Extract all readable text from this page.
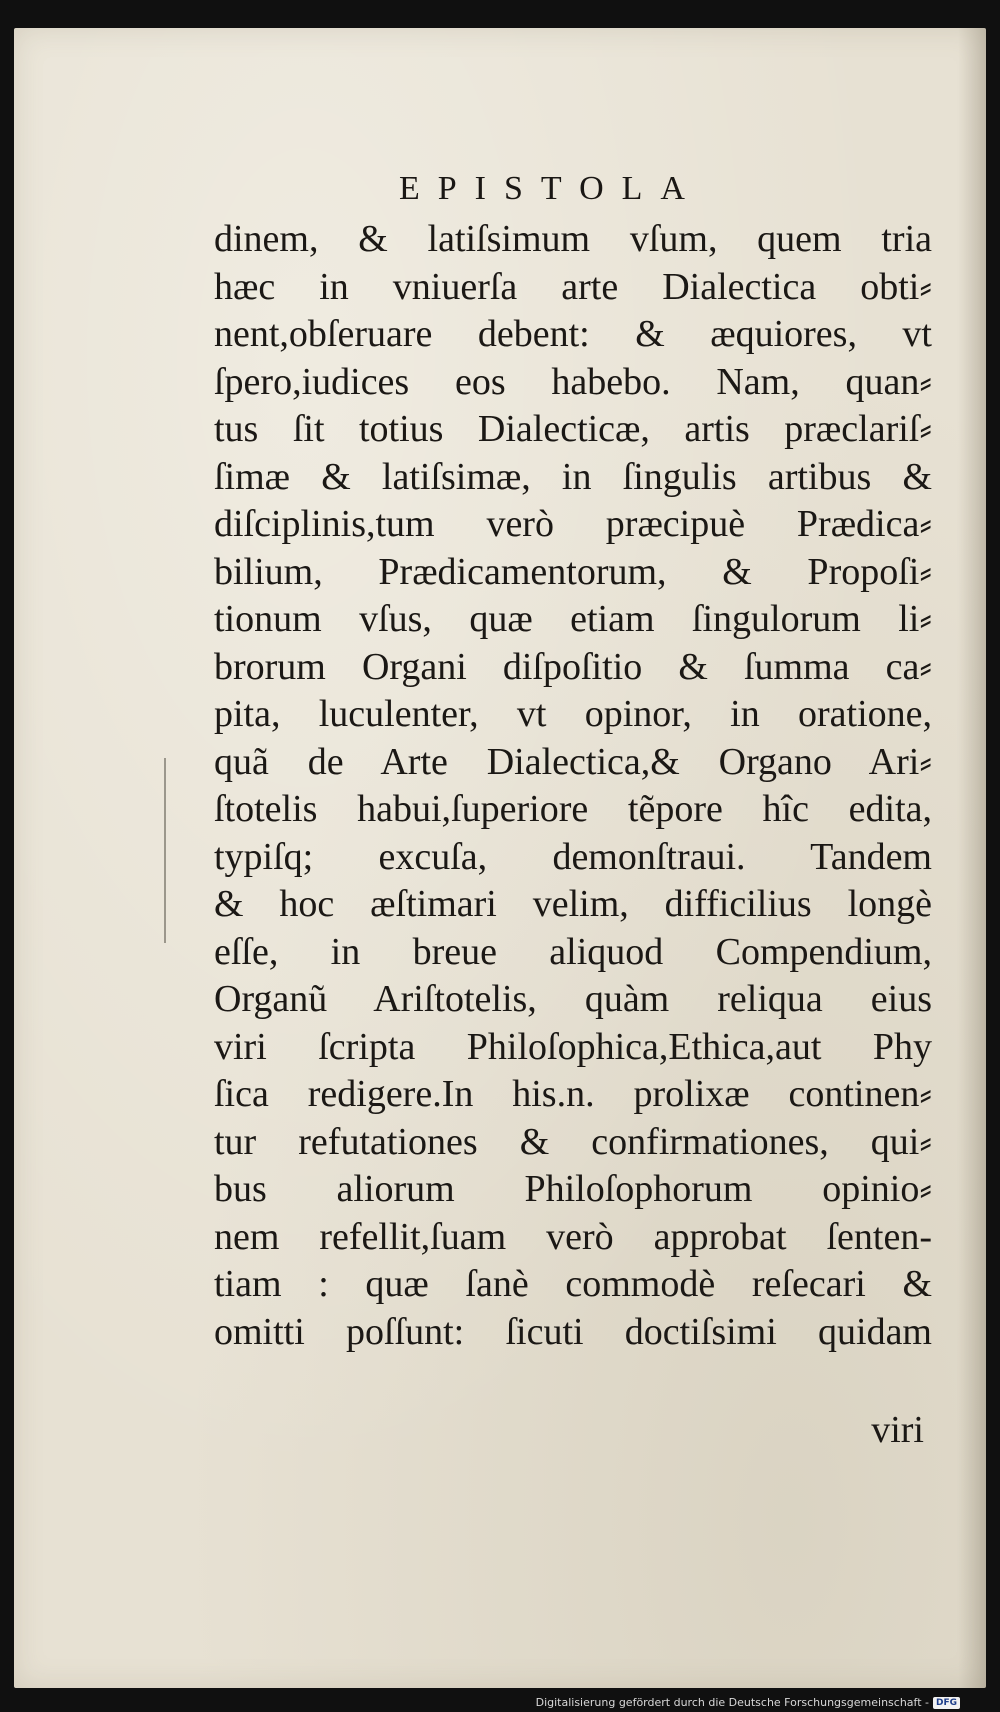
EPISTOLA
dinem, & latiſsimum vſum, quem tria
hæc in vniuerſa arte Dialectica obti⸗
nent,obſeruare debent: & æquiores, vt
ſpero,iudices eos habebo. Nam, quan⸗
tus ſit totius Dialecticæ, artis præclariſ⸗
ſimæ & latiſsimæ, in ſingulis artibus &
diſciplinis,tum verò præcipuè Prædica⸗
bilium, Prædicamentorum, & Propoſi⸗
tionum vſus, quæ etiam ſingulorum li⸗
brorum Organi diſpoſitio & ſumma ca⸗
pita, luculenter, vt opinor, in oratione,
quã de Arte Dialectica,& Organo Ari⸗
ſtotelis habui,ſuperiore tẽpore hîc edita,
typiſq; excuſa, demonſtraui. Tandem
& hoc æſtimari velim, difficilius longè
eſſe, in breue aliquod Compendium,
Organũ Ariſtotelis, quàm reliqua eius
viri ſcripta Philoſophica,Ethica,aut Phy
ſica redigere.In his.n. prolixæ continen⸗
tur refutationes & confirmationes, qui⸗
bus aliorum Philoſophorum opinio⸗
nem refellit,ſuam verò approbat ſenten-
tiam : quæ ſanè commodè reſecari &
omitti poſſunt: ſicuti doctiſsimi quidam
viri
Digitalisierung gefördert durch die Deutsche Forschungsgemeinschaft - DFG
